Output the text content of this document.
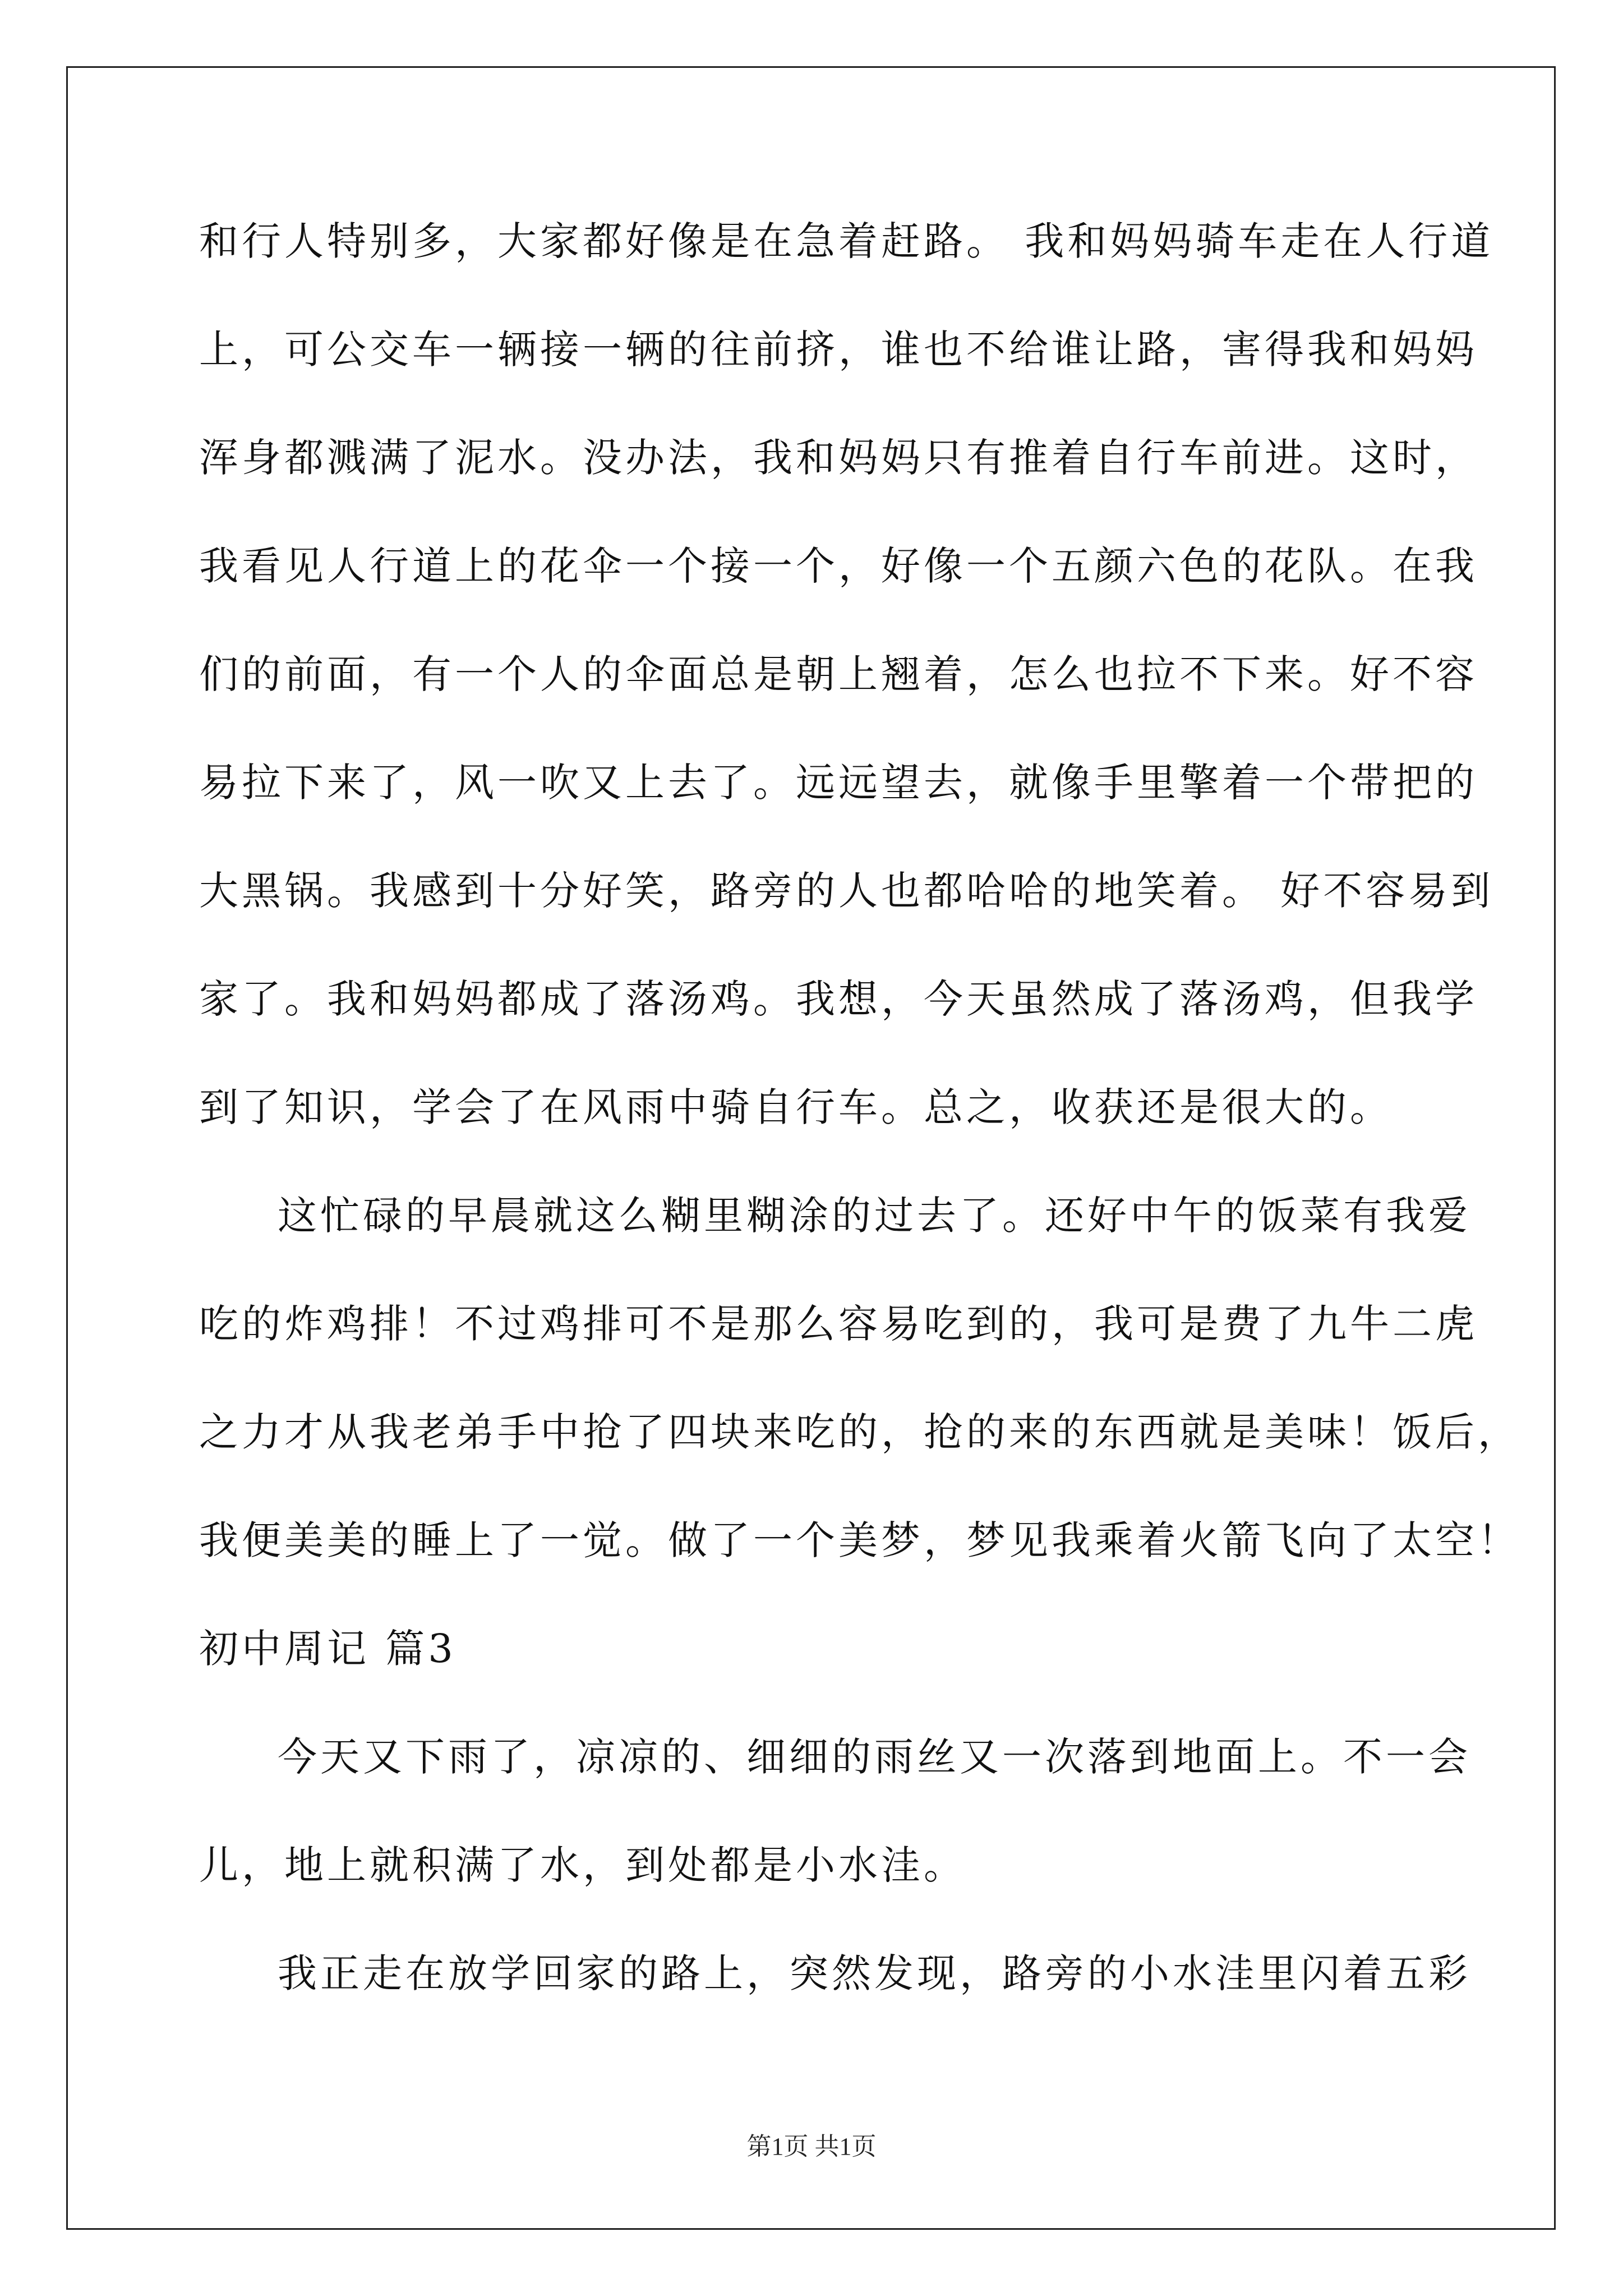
和行人特别多，大家都好像是在急着赶路。 我和妈妈骑车走在人行道
上，可公交车一辆接一辆的往前挤，谁也不给谁让路，害得我和妈妈
浑身都溅满了泥水。没办法，我和妈妈只有推着自行车前进。这时，
我看见人行道上的花伞一个接一个，好像一个五颜六色的花队。在我
们的前面，有一个人的伞面总是朝上翘着，怎么也拉不下来。好不容
易拉下来了，风一吹又上去了。远远望去，就像手里擎着一个带把的
大黑锅。我感到十分好笑，路旁的人也都哈哈的地笑着。 好不容易到
家了。我和妈妈都成了落汤鸡。我想，今天虽然成了落汤鸡，但我学
到了知识，学会了在风雨中骑自行车。总之，收获还是很大的。
这忙碌的早晨就这么糊里糊涂的过去了。还好中午的饭菜有我爱
吃的炸鸡排！不过鸡排可不是那么容易吃到的，我可是费了九牛二虎
之力才从我老弟手中抢了四块来吃的，抢的来的东西就是美味！饭后，
我便美美的睡上了一觉。做了一个美梦，梦见我乘着火箭飞向了太空！
初中周记 篇3
今天又下雨了，凉凉的、细细的雨丝又一次落到地面上。不一会
儿，地上就积满了水，到处都是小水洼。
我正走在放学回家的路上，突然发现，路旁的小水洼里闪着五彩
第1页 共1页
